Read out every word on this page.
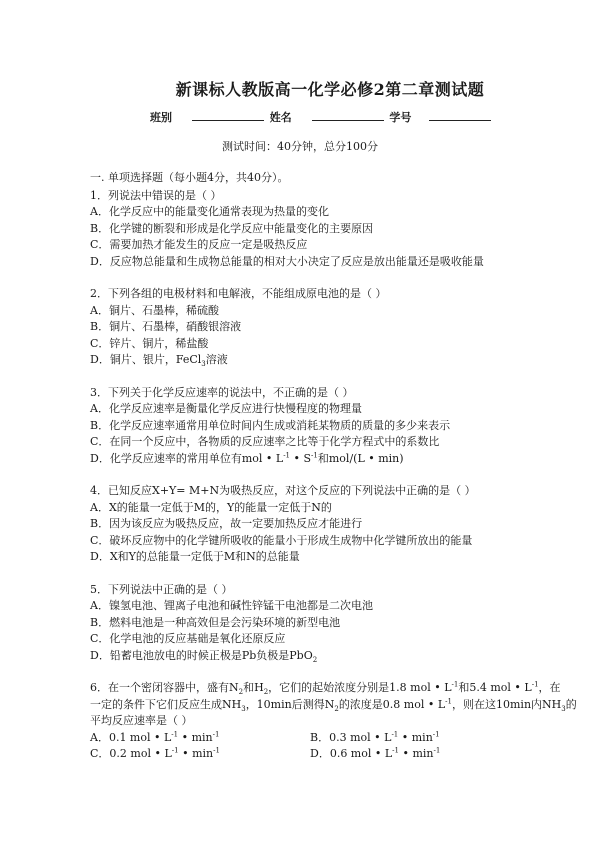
新课标人教版高一化学必修2第二章测试题
班别	姓名	学号
测试时间：40分钟，总分100分
一. 单项选择题（每小题4分，共40分）。
1．列说法中错误的是（ ）
A．化学反应中的能量变化通常表现为热量的变化
B．化学键的断裂和形成是化学反应中能量变化的主要原因
C．需要加热才能发生的反应一定是吸热反应
D．反应物总能量和生成物总能量的相对大小决定了反应是放出能量还是吸收能量
2．下列各组的电极材料和电解液，不能组成原电池的是（ ）
A．铜片、石墨棒，稀硫酸
B．铜片、石墨棒，硝酸银溶液
C．锌片、铜片，稀盐酸
D．铜片、银片，FeCl$_3$溶液
3．下列关于化学反应速率的说法中，不正确的是（ ）
A．化学反应速率是衡量化学反应进行快慢程度的物理量
B．化学反应速率通常用单位时间内生成或消耗某物质的质量的多少来表示
C．在同一个反应中，各物质的反应速率之比等于化学方程式中的系数比
D．化学反应速率的常用单位有mol • $L^{-1}$ • $S^{-1}$和mol/(L • min)
4．已知反应X+Y= M+N为吸热反应，对这个反应的下列说法中正确的是（ ）
A．X的能量一定低于M的，Y的能量一定低于N的
B．因为该反应为吸热反应，故一定要加热反应才能进行
C．破坏反应物中的化学键所吸收的能量小于形成生成物中化学键所放出的能量
D．X和Y的总能量一定低于M和N的总能量
5．下列说法中正确的是（ ）
A．镍氢电池、锂离子电池和碱性锌锰干电池都是二次电池
B．燃料电池是一种高效但是会污染环境的新型电池
C．化学电池的反应基础是氧化还原反应
D．铅蓄电池放电的时候正极是Pb负极是PbO$_2$
6．在一个密闭容器中，盛有$N_2$和$H_2$，它们的起始浓度分别是1.8 mol • $L^{-1}$和5.4 mol • $L^{-1}$，在
一定的条件下它们反应生成$NH_3$，10min后测得$N_2$的浓度是0.8 mol • $L^{-1}$，则在这10min内$NH_3$的
平均反应速率是（ ）
A．0.1 mol • $L^{-1}$ • $\min^{-1}$	B．0.3 mol • $L^{-1}$ • $\min^{-1}$
C．0.2 mol • $L^{-1}$ • $\min^{-1}$	D．0.6 mol • $L^{-1}$ • $\min^{-1}$
